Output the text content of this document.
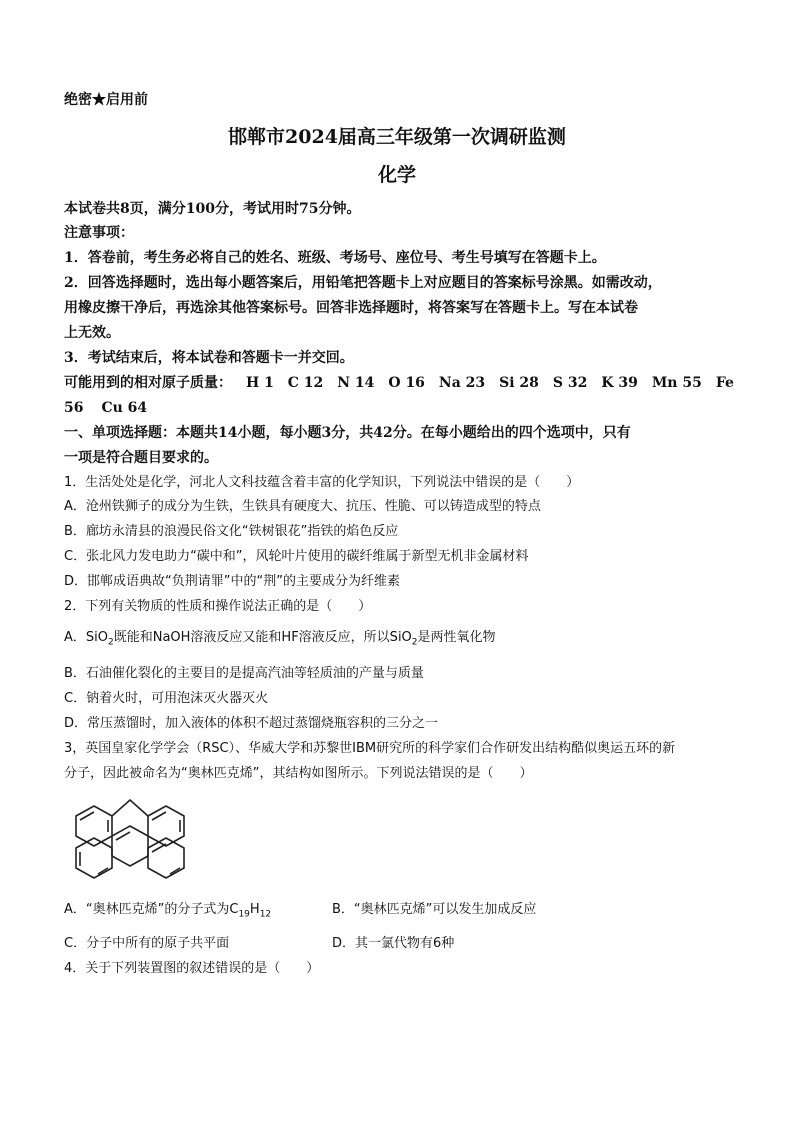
绝密★启用前
邯郸市2024届高三年级第一次调研监测
化学
本试卷共8页，满分100分，考试用时75分钟。
注意事项：
1．答卷前，考生务必将自己的姓名、班级、考场号、座位号、考生号填写在答题卡上。
2．回答选择题时，选出每小题答案后，用铅笔把答题卡上对应题目的答案标号涂黑。如需改动，
用橡皮擦干净后，再选涂其他答案标号。回答非选择题时，将答案写在答题卡上。写在本试卷
上无效。
3．考试结束后，将本试卷和答题卡一并交回。
可能用到的相对原子质量： H 1 C 12 N 14 O 16 Na 23 Si 28 S 32 K 39 Mn 55 Fe
56 Cu 64
一、单项选择题：本题共14小题，每小题3分，共42分。在每小题给出的四个选项中，只有
一项是符合题目要求的。
1．生活处处是化学，河北人文科技蕴含着丰富的化学知识，下列说法中错误的是（　　）
A．沧州铁狮子的成分为生铁，生铁具有硬度大、抗压、性脆、可以铸造成型的特点
B．廊坊永清县的浪漫民俗文化“铁树银花”指铁的焰色反应
C．张北风力发电助力“碳中和”，风轮叶片使用的碳纤维属于新型无机非金属材料
D．邯郸成语典故“负荆请罪”中的“荆”的主要成分为纤维素
2．下列有关物质的性质和操作说法正确的是（　　）
A．SiO$_2$既能和NaOH溶液反应又能和HF溶液反应，所以SiO$_2$是两性氧化物
B．石油催化裂化的主要目的是提高汽油等轻质油的产量与质量
C．钠着火时，可用泡沫灭火器灭火
D．常压蒸馏时，加入液体的体积不超过蒸馏烧瓶容积的三分之一
3，英国皇家化学学会（RSC）、华威大学和苏黎世IBM研究所的科学家们合作研发出结构酷似奥运五环的新
分子，因此被命名为“奥林匹克烯”，其结构如图所示。下列说法错误的是（　　）
A．“奥林匹克烯”的分子式为$C_{19}H_{12}$	B．“奥林匹克烯”可以发生加成反应
C．分子中所有的原子共平面	D．其一氯代物有6种
4．关于下列装置图的叙述错误的是（　　）
